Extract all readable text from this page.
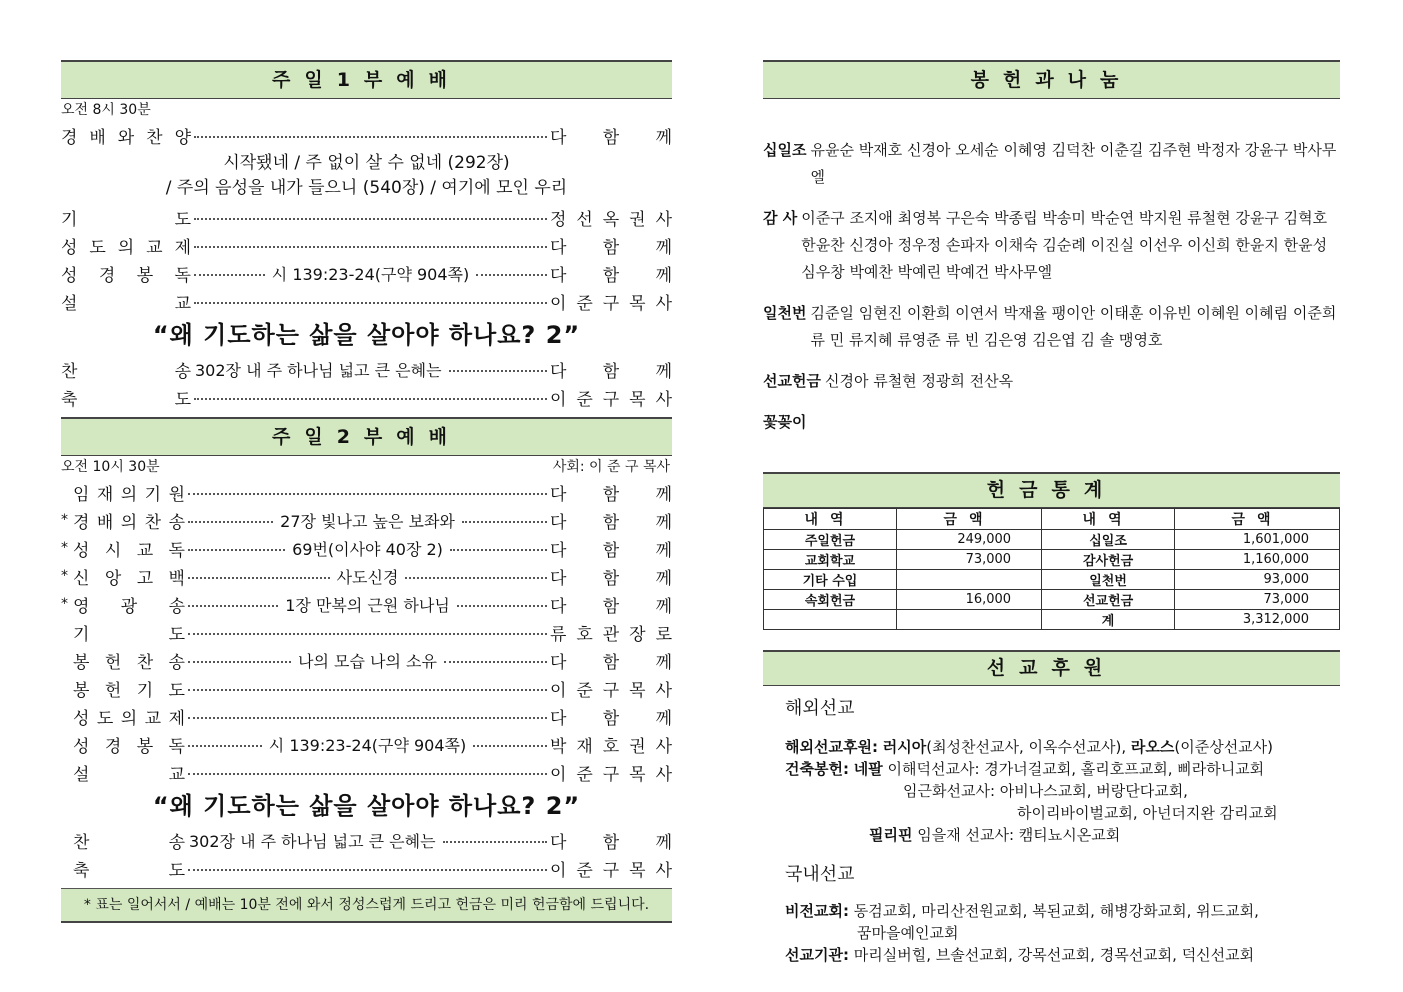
주일1부예배
오전 8시 30분
경 배 와 찬 양	다 함 께
시작됐네 / 주 없이 살 수 없네 (292장)
/ 주의 음성을 내가 들으니 (540장) / 여기에 모인 우리
기	도	정 선 옥 권 사
성 도 의 교 제	다 함 께
성 경 봉 독	시 139:23-24(구약 904쪽)	다 함 께
설	교	이 준 구 목 사
“왜 기도하는 삶을 살아야 하나요? 2”
찬	송 302장 내 주 하나님 넓고 큰 은혜는	다 함 께
축	도	이 준 구 목 사
주일2부예배
오전 10시 30분	사회: 이 준 구 목사
임 재 의 기 원	다 함 께
* 경 배 의 찬 송	27장 빛나고 높은 보좌와	다 함 께
* 성 시 교 독	69번(이사야 40장 2)	다 함 께
* 신 앙 고 백	사도신경	다 함 께
* 영 광 송	1장 만복의 근원 하나님	다 함 께
기	도	류 호 관 장 로
봉 헌 찬 송	나의 모습 나의 소유	다 함 께
봉 헌 기 도	이 준 구 목 사
성 도 의 교 제	다 함 께
성 경 봉 독	시 139:23-24(구약 904쪽)	박 재 호 권 사
설	교	이 준 구 목 사
“왜 기도하는 삶을 살아야 하나요? 2”
찬	송 302장 내 주 하나님 넓고 큰 은혜는	다 함 께
축	도	이 준 구 목 사
* 표는 일어서서 / 예배는 10분 전에 와서 정성스럽게 드리고 헌금은 미리 헌금함에 드립니다.
봉헌과나눔
십일조 유윤순 박재호 신경아 오세순 이혜영 김덕찬 이춘길 김주현 박정자 강윤구 박사무엘
감 사 이준구 조지애 최영복 구은숙 박종립 박송미 박순연 박지원 류철현 강윤구 김혁호 한윤찬 신경아 정우정 손파자 이채숙 김순례 이진실 이선우 이신희 한윤지 한윤성 심우창 박예찬 박예린 박예건 박사무엘
일천번 김준일 임현진 이환희 이연서 박재율 팽이안 이태훈 이유빈 이혜원 이혜림 이준희 류 민 류지혜 류영준 류 빈 김은영 김은엽 김 솔 맹영호
선교헌금 신경아 류철현 정광희 전산옥
꽃꽂이
헌금통계
내역	금액	내역	금액
주일헌금	249,000	십일조	1,601,000
교회학교	73,000	감사헌금	1,160,000
기타 수입		일천번	93,000
속회헌금	16,000	선교헌금	73,000
		계	3,312,000
선교후원
해외선교
해외선교후원: 러시아(최성찬선교사, 이옥수선교사), 라오스(이준상선교사)
건축봉헌: 네팔 이해덕선교사: 경가너걸교회, 홀리호프교회, 삐라하니교회
임근화선교사: 아비나스교회, 버랑단다교회,
하이리바이벌교회, 아넌더지완 감리교회
필리핀 임을재 선교사: 캠티뇨시온교회
국내선교
비전교회: 동검교회, 마리산전원교회, 복된교회, 해병강화교회, 위드교회,
꿈마을예인교회
선교기관: 마리실버힐, 브솔선교회, 강목선교회, 경목선교회, 덕신선교회
